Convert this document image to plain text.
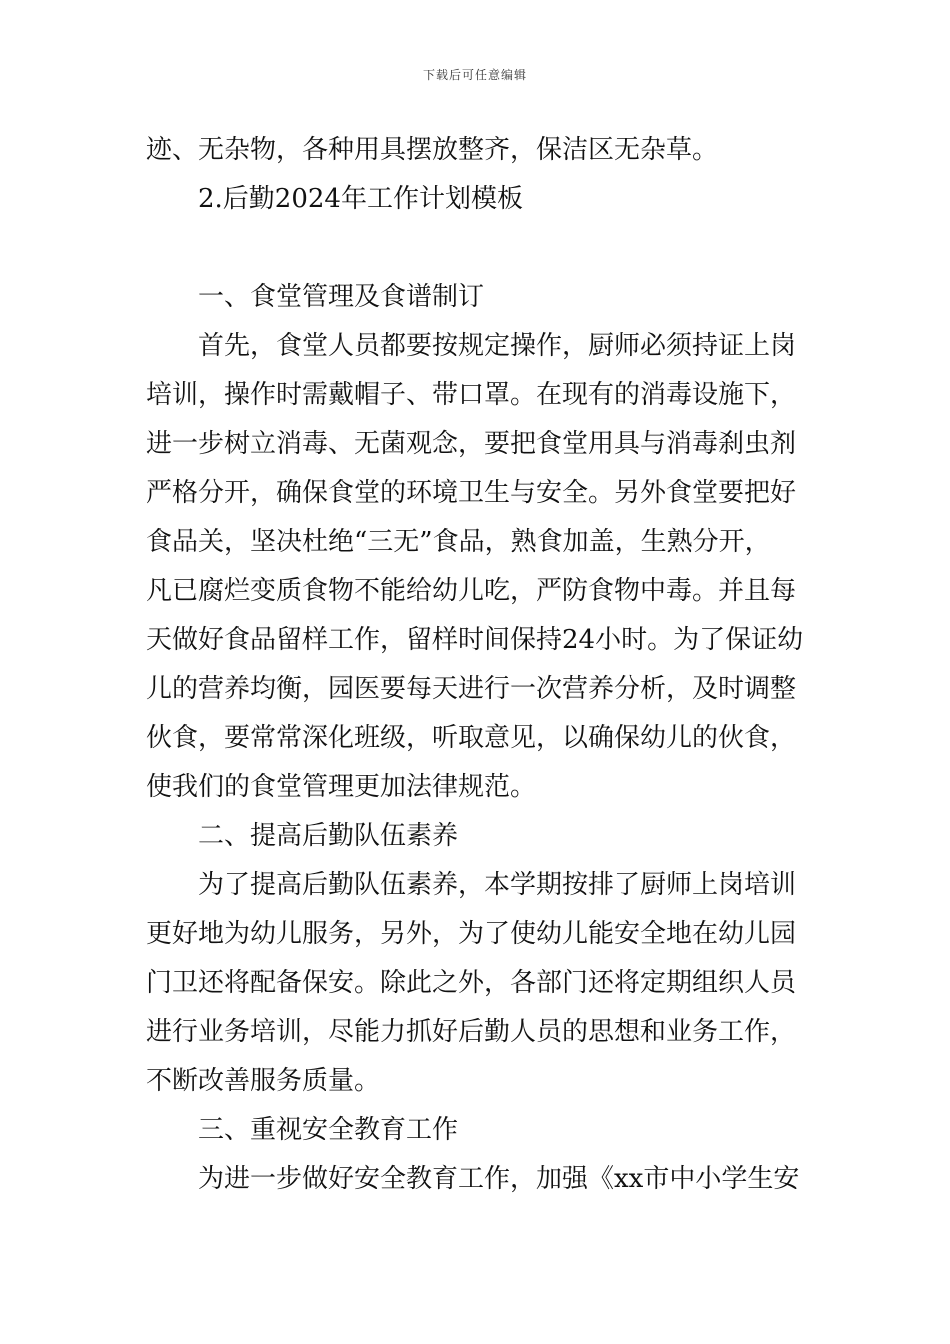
下载后可任意编辑
迹、无杂物，各种用具摆放整齐，保洁区无杂草。
2.后勤2024年工作计划模板
一、食堂管理及食谱制订
首先，食堂人员都要按规定操作，厨师必须持证上岗
培训，操作时需戴帽子、带口罩。在现有的消毒设施下，
进一步树立消毒、无菌观念，要把食堂用具与消毒刹虫剂
严格分开，确保食堂的环境卫生与安全。另外食堂要把好
食品关，坚决杜绝“三无”食品，熟食加盖，生熟分开，
凡已腐烂变质食物不能给幼儿吃，严防食物中毒。并且每
天做好食品留样工作，留样时间保持24小时。为了保证幼
儿的营养均衡，园医要每天进行一次营养分析，及时调整
伙食，要常常深化班级，听取意见，以确保幼儿的伙食，
使我们的食堂管理更加法律规范。
二、提高后勤队伍素养
为了提高后勤队伍素养，本学期按排了厨师上岗培训
更好地为幼儿服务，另外，为了使幼儿能安全地在幼儿园
门卫还将配备保安。除此之外，各部门还将定期组织人员
进行业务培训，尽能力抓好后勤人员的思想和业务工作，
不断改善服务质量。
三、重视安全教育工作
为进一步做好安全教育工作，加强《xx市中小学生安
